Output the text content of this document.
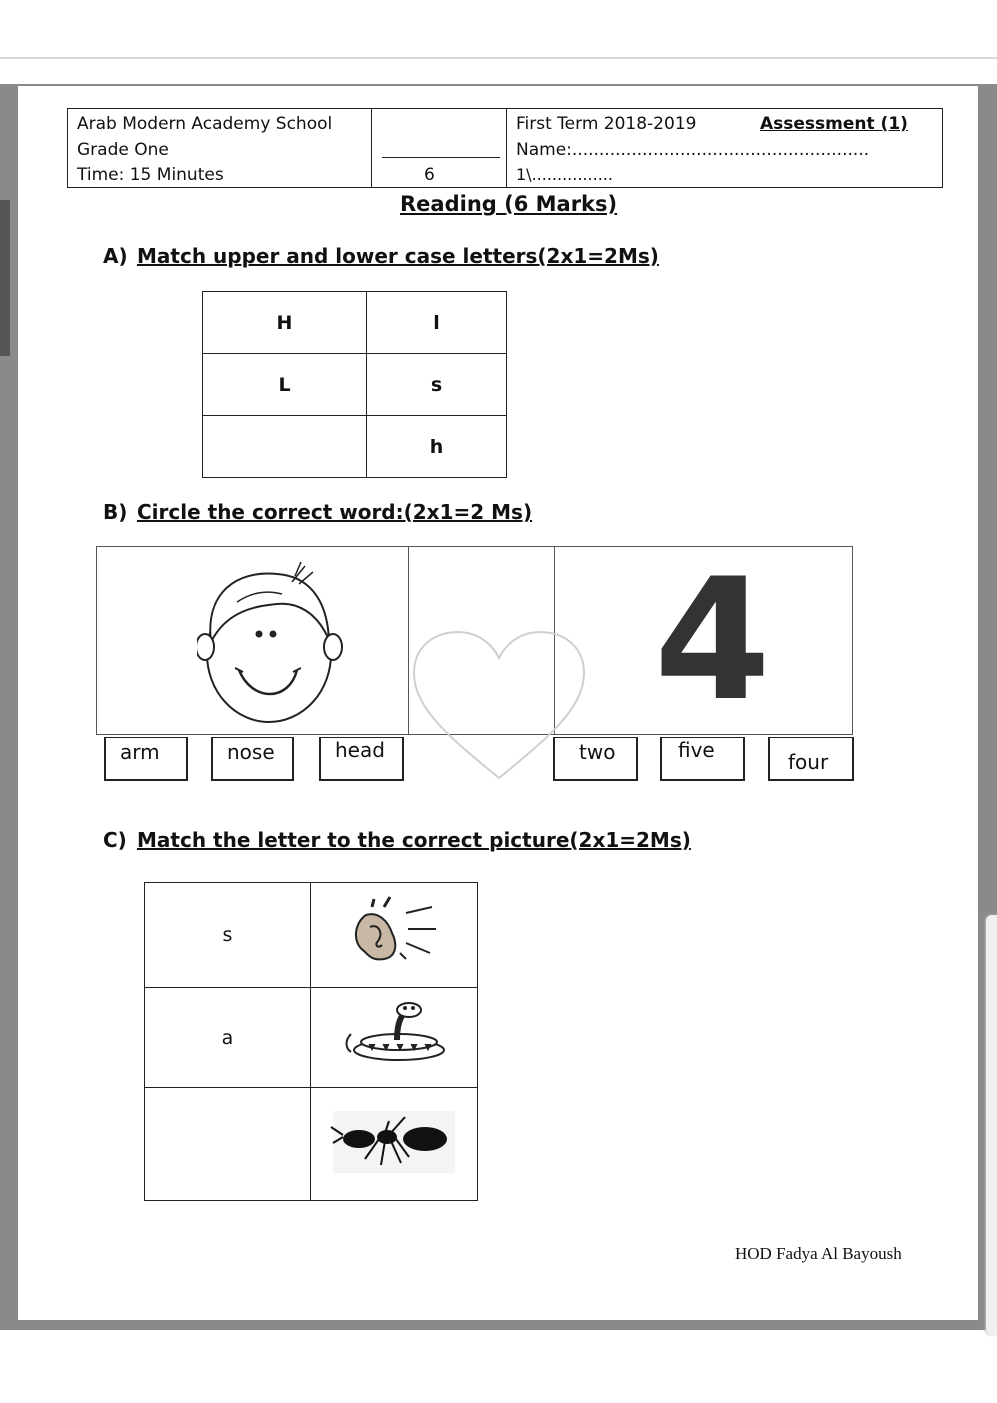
Arab Modern Academy School
Grade One
Time: 15 Minutes	6
First Term 2018-2019	Assessment (1)
Name:.......................................................
1\................
Reading (6 Marks)
A) Match upper and lower case letters(2x1=2Ms)
H	l
L	s
	h
B) Circle the correct word:(2x1=2 Ms)
4
arm	nose	head	two	five	four
C) Match the letter to the correct picture(2x1=2Ms)
s	
a	

HOD Fadya Al Bayoush
